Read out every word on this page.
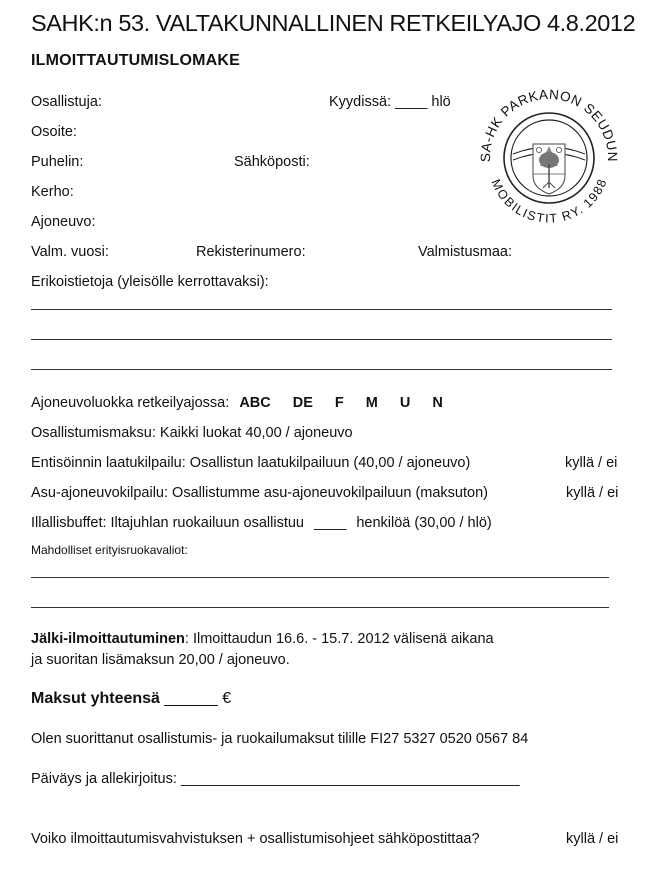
SAHK:n 53. VALTAKUNNALLINEN RETKEILYAJO 4.8.2012
ILMOITTAUTUMISLOMAKE
SA-HK PARKANON SEUDUN
MOBILISTIT RY. 1988
Osallistuja:	Kyydissä: ____ hlö
Osoite:
Puhelin:	Sähköposti:
Kerho:
Ajoneuvo:
Valm. vuosi:	Rekisterinumero:	Valmistusmaa:
Erikoistietoja (yleisölle kerrottavaksi):
Ajoneuvoluokka retkeilyajossa: ABC DE F M U N
Osallistumismaksu: Kaikki luokat 40,00 / ajoneuvo
Entisöinnin laatukilpailu: Osallistun laatukilpailuun (40,00 / ajoneuvo)	kyllä / ei
Asu-ajoneuvokilpailu: Osallistumme asu-ajoneuvokilpailuun (maksuton)	kyllä / ei
Illallisbuffet: Iltajuhlan ruokailuun osallistuu ____ henkilöä (30,00 / hlö)
Mahdolliset erityisruokavaliot:
Jälki-ilmoittautuminen: Ilmoittaudun 16.6. - 15.7. 2012 välisenä aikana
ja suoritan lisämaksun 20,00 / ajoneuvo.
Maksut yhteensä ______ €
Olen suorittanut osallistumis- ja ruokailumaksut tilille FI27 5327 0520 0567 84
Päiväys ja allekirjoitus: __________________________________________
Voiko ilmoittautumisvahvistuksen + osallistumisohjeet sähköpostittaa?	kyllä / ei
